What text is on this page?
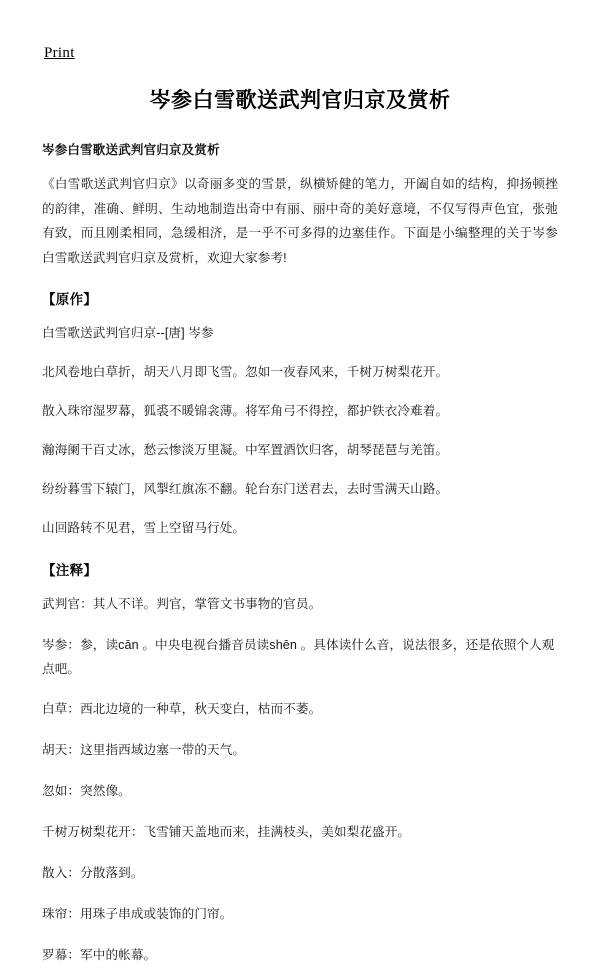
Print
岑参白雪歌送武判官归京及赏析
岑参白雪歌送武判官归京及赏析

《白雪歌送武判官归京》以奇丽多变的雪景，纵横矫健的笔力，开阖自如的结构，抑扬顿挫的韵律，准确、鲜明、生动地制造出奇中有丽、丽中奇的美好意境，不仅写得声色宜，张弛有致，而且刚柔相同，急缓相济，是一乎不可多得的边塞佳作。下面是小编整理的关于岑参白雪歌送武判官归京及赏析，欢迎大家参考!

【原作】

白雪歌送武判官归京--[唐] 岑参

北风卷地白草折，胡天八月即飞雪。忽如一夜春风来，千树万树梨花开。

散入珠帘湿罗幕，狐裘不暖锦衾薄。将军角弓不得控，都护铁衣冷难着。

瀚海阑干百丈冰，愁云惨淡万里凝。中军置酒饮归客，胡琴琵琶与羌笛。

纷纷暮雪下辕门，风掣红旗冻不翻。轮台东门送君去，去时雪满天山路。

山回路转不见君，雪上空留马行处。

【注释】

武判官：其人不详。判官，掌管文书事物的官员。

岑参：参，读cān 。中央电视台播音员读shēn 。具体读什么音，说法很多，还是依照个人观点吧。

白草：西北边境的一种草，秋天变白，枯而不萎。

胡天：这里指西域边塞一带的天气。

忽如：突然像。

千树万树梨花开：飞雪铺天盖地而来，挂满枝头，美如梨花盛开。

散入：分散落到。

珠帘：用珠子串成或装饰的门帘。

罗幕：军中的帐幕。
